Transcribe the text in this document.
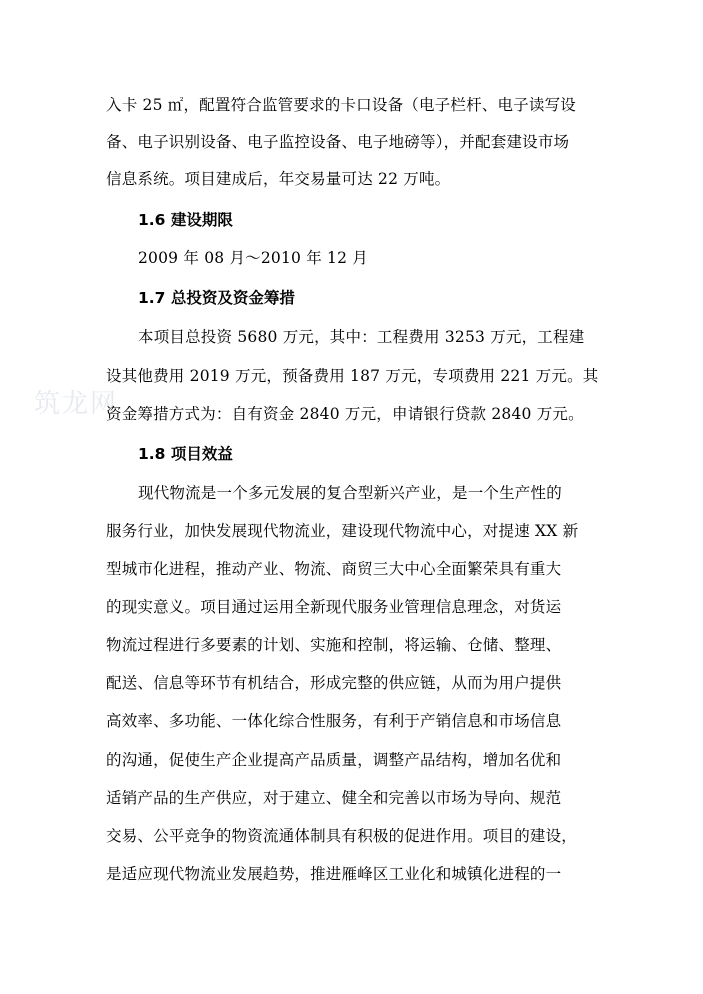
筑龙网
入卡 25 ㎡，配置符合监管要求的卡口设备（电子栏杆、电子读写设
备、电子识别设备、电子监控设备、电子地磅等），并配套建设市场
信息系统。项目建成后，年交易量可达 22 万吨。
1.6 建设期限
2009 年 08 月～2010 年 12 月
1.7 总投资及资金筹措
本项目总投资 5680 万元，其中：工程费用 3253 万元，工程建
设其他费用 2019 万元，预备费用 187 万元，专项费用 221 万元。其
资金筹措方式为：自有资金 2840 万元，申请银行贷款 2840 万元。
1.8 项目效益
现代物流是一个多元发展的复合型新兴产业，是一个生产性的
服务行业，加快发展现代物流业，建设现代物流中心，对提速 XX 新
型城市化进程，推动产业、物流、商贸三大中心全面繁荣具有重大
的现实意义。项目通过运用全新现代服务业管理信息理念，对货运
物流过程进行多要素的计划、实施和控制，将运输、仓储、整理、
配送、信息等环节有机结合，形成完整的供应链，从而为用户提供
高效率、多功能、一体化综合性服务，有利于产销信息和市场信息
的沟通，促使生产企业提高产品质量，调整产品结构，增加名优和
适销产品的生产供应，对于建立、健全和完善以市场为导向、规范
交易、公平竞争的物资流通体制具有积极的促进作用。项目的建设，
是适应现代物流业发展趋势，推进雁峰区工业化和城镇化进程的一
